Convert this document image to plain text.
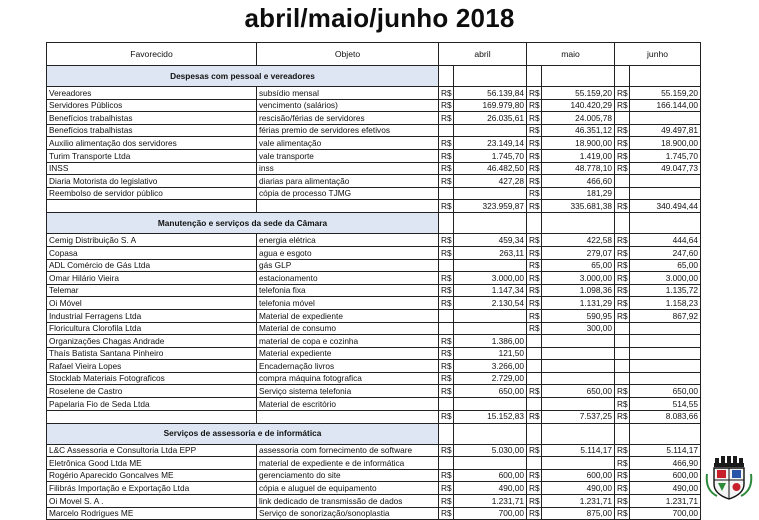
abril/maio/junho 2018
Favorecido	Objeto	abril		maio		junho	
Despesas com pessoal e vereadores							
Vereadores	subsídio mensal	R$	56.139,84	R$	55.159,20	R$	55.159,20
Servidores Públicos	vencimento (salários)	R$	169.979,80	R$	140.420,29	R$	166.144,00
Benefícios trabalhistas	rescisão/férias de servidores	R$	26.035,61	R$	24.005,78		
Benefícios trabalhistas	férias premio de servidores efetivos			R$	46.351,12	R$	49.497,81
Auxilio alimentação dos servidores	vale alimentação	R$	23.149,14	R$	18.900,00	R$	18.900,00
Turim Transporte Ltda	vale transporte	R$	1.745,70	R$	1.419,00	R$	1.745,70
INSS	inss	R$	46.482,50	R$	48.778,10	R$	49.047,73
Diaria Motorista do legislativo	diarias para alimentação	R$	427,28	R$	466,60		
Reembolso de servidor público	cópia de processo TJMG			R$	181,29		
		R$	323.959,87	R$	335.681,38	R$	340.494,44
Manutenção e serviços da sede da Câmara							
Cemig Distribuição S. A	energia elétrica	R$	459,34	R$	422,58	R$	444,64
Copasa	agua e esgoto	R$	263,11	R$	279,07	R$	247,60
ADL Comércio de Gás Ltda	gás GLP			R$	65,00	R$	65,00
Omar Hilário Vieira	estacionamento	R$	3.000,00	R$	3.000,00	R$	3.000,00
Telemar	telefonia fixa	R$	1.147,34	R$	1.098,36	R$	1.135,72
Oi Móvel	telefonia móvel	R$	2.130,54	R$	1.131,29	R$	1.158,23
Industrial Ferragens Ltda	Material de expediente			R$	590,95	R$	867,92
Floricultura Clorofila Ltda	Material de consumo			R$	300,00		
Organizações Chagas Andrade	material de copa e cozinha	R$	1.386,00				
Thaís Batista Santana Pinheiro	Material expediente	R$	121,50				
Rafael Vieira Lopes	Encadernação livros	R$	3.266,00				
Stocklab Materiais Fotograficos	compra máquina fotografica	R$	2.729,00				
Roselene de Castro	Serviço sistema telefonia	R$	650,00	R$	650,00	R$	650,00
Papelaria Fio de Seda Ltda	Material de escritório					R$	514,55
		R$	15.152,83	R$	7.537,25	R$	8.083,66
Serviços de assessoria e de informática							
L&C Assessoria e Consultoria Ltda EPP	assessoria com fornecimento de software	R$	5.030,00	R$	5.114,17	R$	5.114,17
Eletrônica Good Ltda ME	material de expediente e de informática					R$	466,90
Rogério Aparecido Goncalves ME	gerenciamento do site	R$	600,00	R$	600,00	R$	600,00
Filibrás Importação e Exportação Ltda	cópia e aluguel de equipamento	R$	490,00	R$	490,00	R$	490,00
Oi Movel S. A .	link dedicado de transmissão de dados	R$	1.231,71	R$	1.231,71	R$	1.231,71
Marcelo Rodrigues ME	Serviço de sonorização/sonoplastia	R$	700,00	R$	875,00	R$	700,00
